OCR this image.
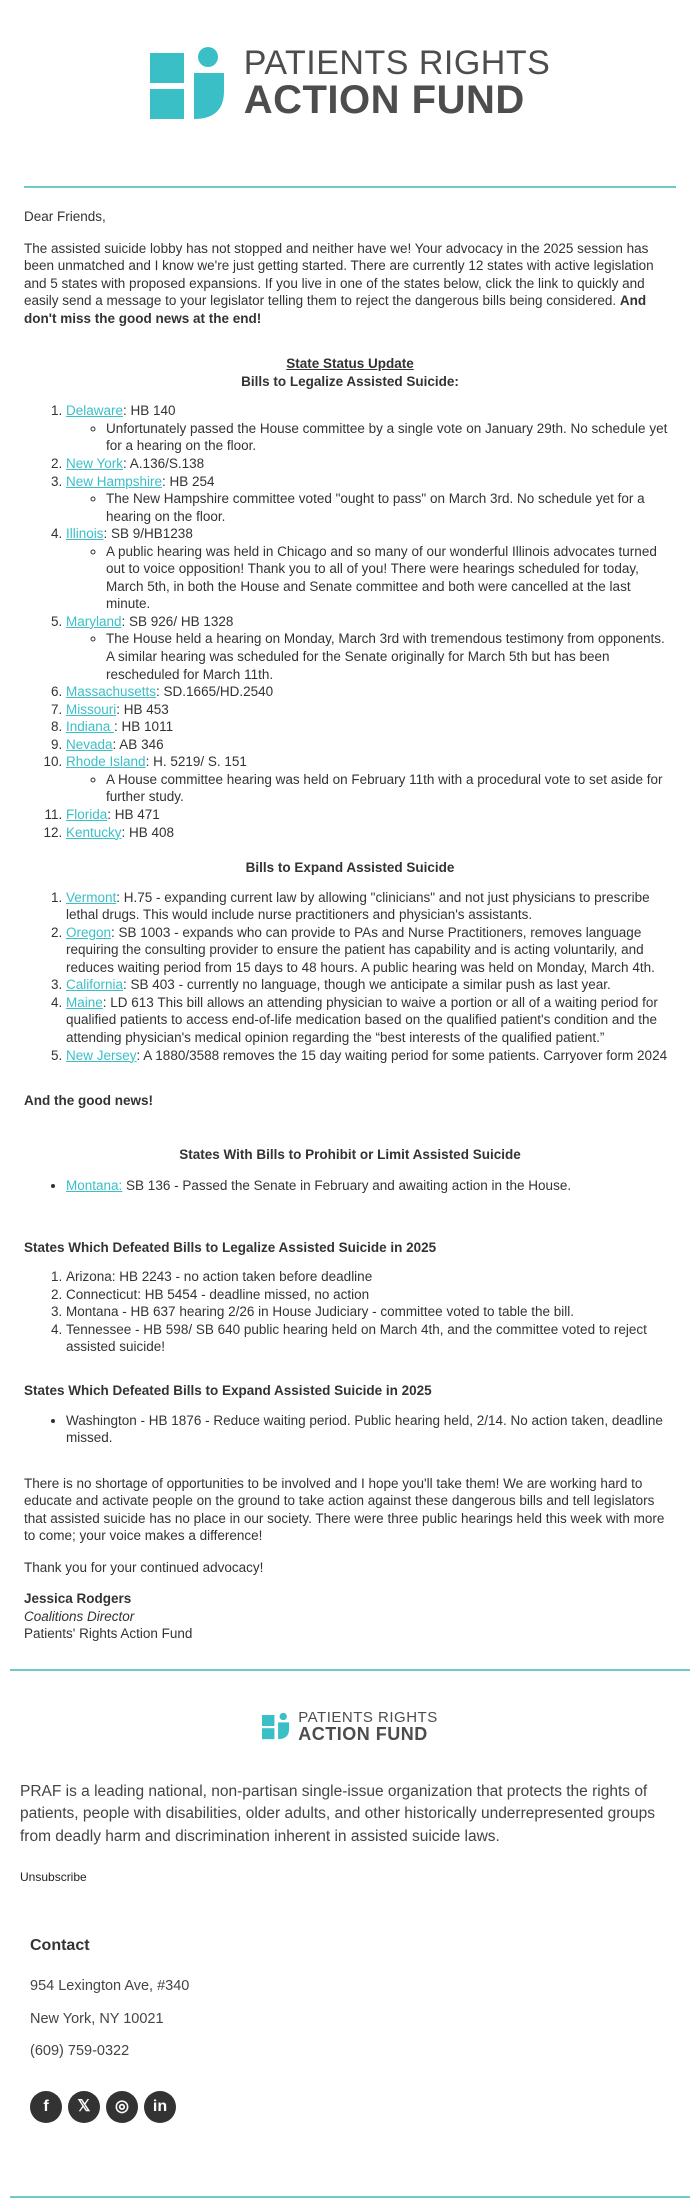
PATIENTS RIGHTS
ACTION FUND

Dear Friends,

The assisted suicide lobby has not stopped and neither have we! Your advocacy in the 2025 session has been unmatched and I know we're just getting started. There are currently 12 states with active legislation and 5 states with proposed expansions. If you live in one of the states below, click the link to quickly and easily send a message to your legislator telling them to reject the dangerous bills being considered. And don't miss the good news at the end!

State Status Update
Bills to Legalize Assisted Suicide:
1. Delaware: HB 140
◦ Unfortunately passed the House committee by a single vote on January 29th. No schedule yet for a hearing on the floor.
2. New York: A.136/S.138
3. New Hampshire: HB 254
◦ The New Hampshire committee voted "ought to pass" on March 3rd. No schedule yet for a hearing on the floor.
4. Illinois: SB 9/HB1238
◦ A public hearing was held in Chicago and so many of our wonderful Illinois advocates turned out to voice opposition! Thank you to all of you! There were hearings scheduled for today, March 5th, in both the House and Senate committee and both were cancelled at the last minute.
5. Maryland: SB 926/ HB 1328
◦ The House held a hearing on Monday, March 3rd with tremendous testimony from opponents. A similar hearing was scheduled for the Senate originally for March 5th but has been rescheduled for March 11th.
6. Massachusetts: SD.1665/HD.2540
7. Missouri: HB 453
8. Indiana : HB 1011
9. Nevada: AB 346
10. Rhode Island: H. 5219/ S. 151
◦ A House committee hearing was held on February 11th with a procedural vote to set aside for further study.
11. Florida: HB 471
12. Kentucky: HB 408
Bills to Expand Assisted Suicide
1. Vermont: H.75 - expanding current law by allowing "clinicians" and not just physicians to prescribe lethal drugs. This would include nurse practitioners and physician's assistants.
2. Oregon: SB 1003 - expands who can provide to PAs and Nurse Practitioners, removes language requiring the consulting provider to ensure the patient has capability and is acting voluntarily, and reduces waiting period from 15 days to 48 hours. A public hearing was held on Monday, March 4th.
3. California: SB 403 - currently no language, though we anticipate a similar push as last year.
4. Maine: LD 613 This bill allows an attending physician to waive a portion or all of a waiting period for qualified patients to access end-of-life medication based on the qualified patient's condition and the attending physician's medical opinion regarding the “best interests of the qualified patient.”
5. New Jersey: A 1880/3588 removes the 15 day waiting period for some patients. Carryover form 2024

And the good news!

States With Bills to Prohibit or Limit Assisted Suicide
• Montana: SB 136 - Passed the Senate in February and awaiting action in the House.
States Which Defeated Bills to Legalize Assisted Suicide in 2025
1. Arizona: HB 2243 - no action taken before deadline
2. Connecticut: HB 5454 - deadline missed, no action
3. Montana - HB 637 hearing 2/26 in House Judiciary - committee voted to table the bill.
4. Tennessee - HB 598/ SB 640 public hearing held on March 4th, and the committee voted to reject assisted suicide!
States Which Defeated Bills to Expand Assisted Suicide in 2025
• Washington - HB 1876 - Reduce waiting period. Public hearing held, 2/14. No action taken, deadline missed.

There is no shortage of opportunities to be involved and I hope you'll take them! We are working hard to educate and activate people on the ground to take action against these dangerous bills and tell legislators that assisted suicide has no place in our society. There were three public hearings held this week with more to come; your voice makes a difference!

Thank you for your continued advocacy!

Jessica Rodgers
Coalitions Director
Patients' Rights Action Fund
PATIENTS RIGHTS
ACTION FUND

PRAF is a leading national, non-partisan single-issue organization that protects the rights of patients, people with disabilities, older adults, and other historically underrepresented groups from deadly harm and discrimination inherent in assisted suicide laws.

Unsubscribe

Contact
954 Lexington Ave, #340
New York, NY 10021
(609) 759-0322
f	𝕏	◎	in
